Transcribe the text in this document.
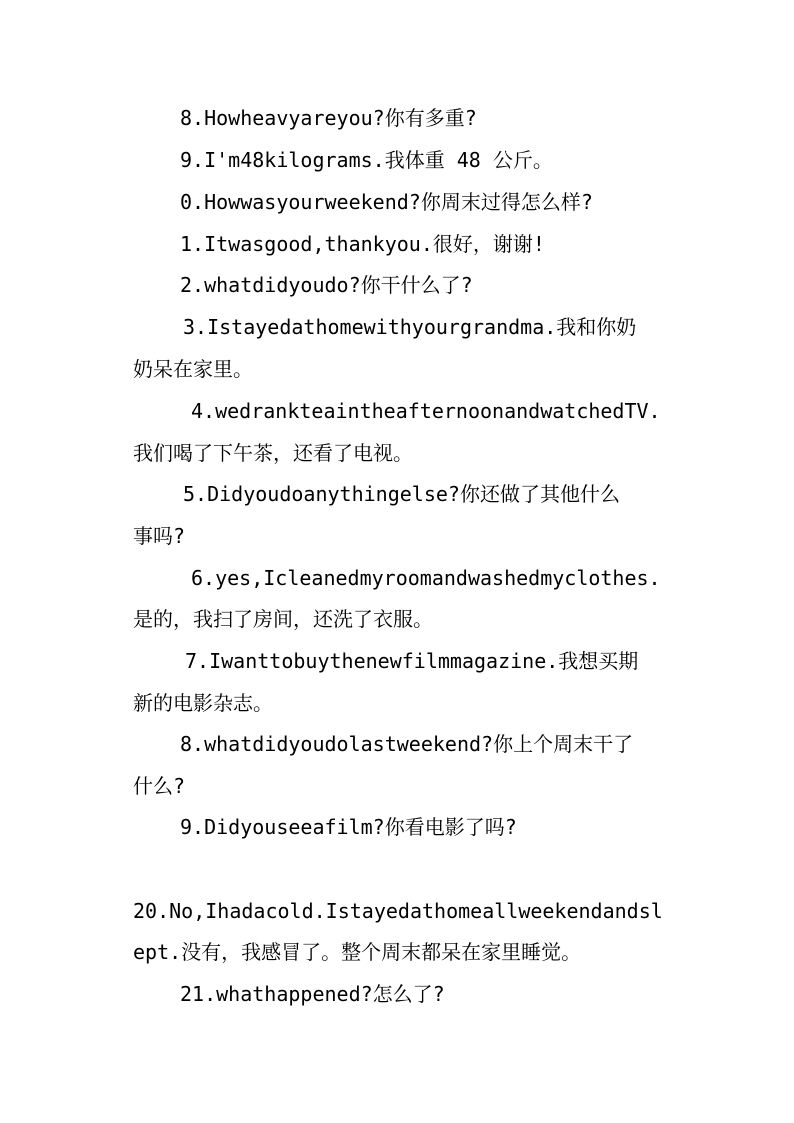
8.Howheavyareyou?你有多重?
9.I'm48kilograms.我体重 48 公斤。
0.Howwasyourweekend?你周末过得怎么样?
1.Itwasgood,thankyou.很好，谢谢!
2.whatdidyoudo?你干什么了?
3.Istayedathomewithyourgrandma.我和你奶
奶呆在家里。
4.wedrankteaintheafternoonandwatchedTV.
我们喝了下午茶，还看了电视。
5.Didyoudoanythingelse?你还做了其他什么
事吗?
6.yes,Icleanedmyroomandwashedmyclothes.
是的，我扫了房间，还洗了衣服。
7.Iwanttobuythenewfilmmagazine.我想买期
新的电影杂志。
8.whatdidyoudolastweekend?你上个周末干了
什么?
9.Didyouseeafilm?你看电影了吗?
20.No,Ihadacold.Istayedathomeallweekendandsl
ept.没有，我感冒了。整个周末都呆在家里睡觉。
21.whathappened?怎么了?
